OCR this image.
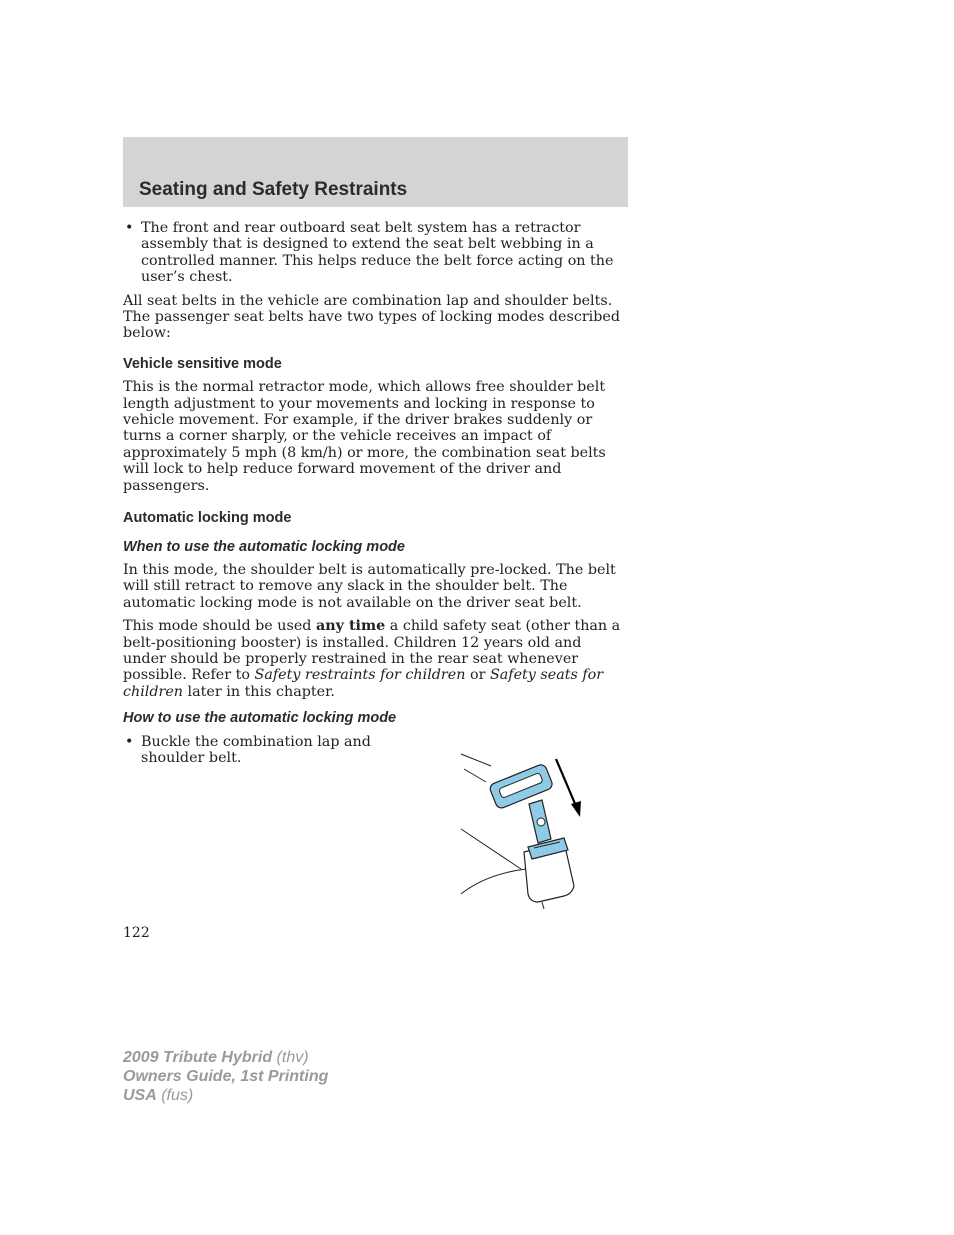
Seating and Safety Restraints
• The front and rear outboard seat belt system has a retractor assembly that is designed to extend the seat belt webbing in a controlled manner. This helps reduce the belt force acting on the user’s chest.

All seat belts in the vehicle are combination lap and shoulder belts. The passenger seat belts have two types of locking modes described below:

Vehicle sensitive mode

This is the normal retractor mode, which allows free shoulder belt length adjustment to your movements and locking in response to vehicle movement. For example, if the driver brakes suddenly or turns a corner sharply, or the vehicle receives an impact of approximately 5 mph (8 km/h) or more, the combination seat belts will lock to help reduce forward movement of the driver and passengers.

Automatic locking mode
When to use the automatic locking mode

In this mode, the shoulder belt is automatically pre-locked. The belt will still retract to remove any slack in the shoulder belt. The automatic locking mode is not available on the driver seat belt.

This mode should be used any time a child safety seat (other than a belt-positioning booster) is installed. Children 12 years old and under should be properly restrained in the rear seat whenever possible. Refer to Safety restraints for children or Safety seats for children later in this chapter.

How to use the automatic locking mode
• Buckle the combination lap and shoulder belt.
122
2009 Tribute Hybrid (thv)
Owners Guide, 1st Printing
USA (fus)
